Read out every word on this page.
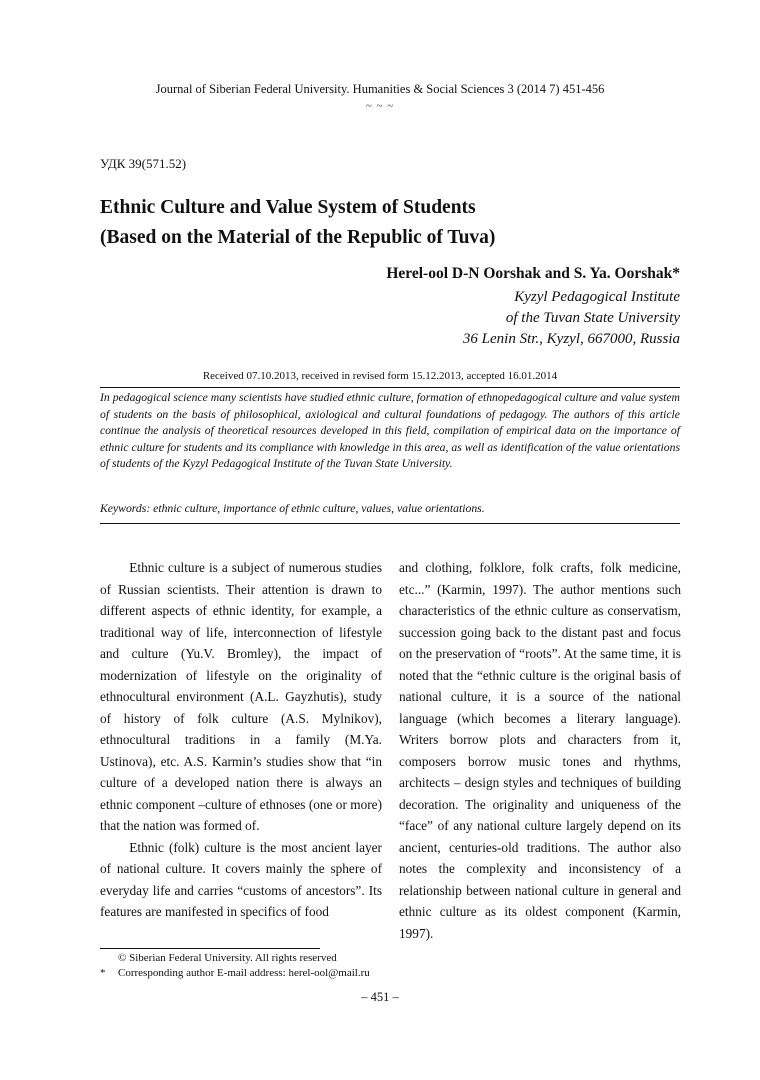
Journal of Siberian Federal University. Humanities & Social Sciences 3 (2014 7) 451-456
~ ~ ~
УДК 39(571.52)
Ethnic Culture and Value System of Students
(Based on the Material of the Republic of Tuva)
Herel-ool D-N Oorshak and S. Ya. Oorshak*
Kyzyl Pedagogical Institute
of the Tuvan State University
36 Lenin Str., Kyzyl, 667000, Russia
Received 07.10.2013, received in revised form 15.12.2013, accepted 16.01.2014
In pedagogical science many scientists have studied ethnic culture, formation of ethnopedagogical culture and value system of students on the basis of philosophical, axiological and cultural foundations of pedagogy. The authors of this article continue the analysis of theoretical resources developed in this field, compilation of empirical data on the importance of ethnic culture for students and its compliance with knowledge in this area, as well as identification of the value orientations of students of the Kyzyl Pedagogical Institute of the Tuvan State University.
Keywords: ethnic culture, importance of ethnic culture, values, value orientations.

Ethnic culture is a subject of numerous studies of Russian scientists. Their attention is drawn to different aspects of ethnic identity, for example, a traditional way of life, interconnection of lifestyle and culture (Yu.V. Bromley), the impact of modernization of lifestyle on the originality of ethnocultural environment (A.L. Gayzhutis), study of history of folk culture (A.S. Mylnikov), ethnocultural traditions in a family (M.Ya. Ustinova), etc. A.S. Karmin’s studies show that “in culture of a developed nation there is always an ethnic component –culture of ethnoses (one or more) that the nation was formed of.

Ethnic (folk) culture is the most ancient layer of national culture. It covers mainly the sphere of everyday life and carries “customs of ancestors”. Its features are manifested in specifics of food

and clothing, folklore, folk crafts, folk medicine, etc...” (Karmin, 1997). The author mentions such characteristics of the ethnic culture as conservatism, succession going back to the distant past and focus on the preservation of “roots”. At the same time, it is noted that the “ethnic culture is the original basis of national culture, it is a source of the national language (which becomes a literary language). Writers borrow plots and characters from it, composers borrow music tones and rhythms, architects – design styles and techniques of building decoration. The originality and uniqueness of the “face” of any national culture largely depend on its ancient, centuries-old traditions. The author also notes the complexity and inconsistency of a relationship between national culture in general and ethnic culture as its oldest component (Karmin, 1997).

© Siberian Federal University. All rights reserved
* Corresponding author E-mail address: herel-ool@mail.ru
– 451 –
